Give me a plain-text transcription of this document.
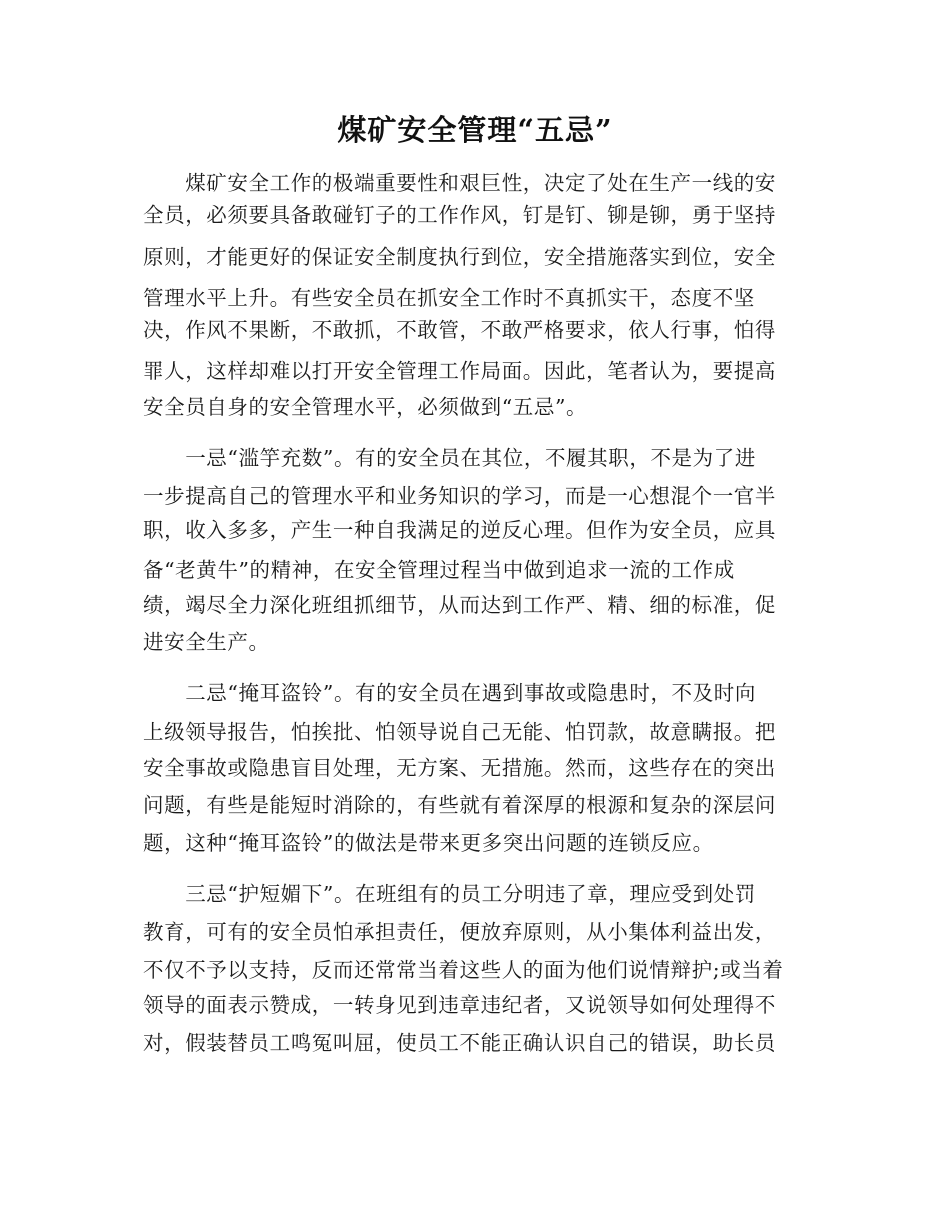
煤矿安全管理“五忌”
　　煤矿安全工作的极端重要性和艰巨性，决定了处在生产一线的安
全员，必须要具备敢碰钉子的工作作风，钉是钉、铆是铆，勇于坚持
原则，才能更好的保证安全制度执行到位，安全措施落实到位，安全
管理水平上升。有些安全员在抓安全工作时不真抓实干，态度不坚
决，作风不果断，不敢抓，不敢管，不敢严格要求，依人行事，怕得
罪人，这样却难以打开安全管理工作局面。因此，笔者认为，要提高
安全员自身的安全管理水平，必须做到“五忌”。
　　一忌“滥竽充数”。有的安全员在其位，不履其职，不是为了进
一步提高自己的管理水平和业务知识的学习，而是一心想混个一官半
职，收入多多，产生一种自我满足的逆反心理。但作为安全员，应具
备“老黄牛”的精神，在安全管理过程当中做到追求一流的工作成
绩，竭尽全力深化班组抓细节，从而达到工作严、精、细的标准，促
进安全生产。
　　二忌“掩耳盗铃”。有的安全员在遇到事故或隐患时，不及时向
上级领导报告，怕挨批、怕领导说自己无能、怕罚款，故意瞒报。把
安全事故或隐患盲目处理，无方案、无措施。然而，这些存在的突出
问题，有些是能短时消除的，有些就有着深厚的根源和复杂的深层问
题，这种“掩耳盗铃”的做法是带来更多突出问题的连锁反应。
　　三忌“护短媚下”。在班组有的员工分明违了章，理应受到处罚
教育，可有的安全员怕承担责任，便放弃原则，从小集体利益出发，
不仅不予以支持，反而还常常当着这些人的面为他们说情辩护;或当着
领导的面表示赞成，一转身见到违章违纪者，又说领导如何处理得不
对，假装替员工鸣冤叫屈，使员工不能正确认识自己的错误，助长员
